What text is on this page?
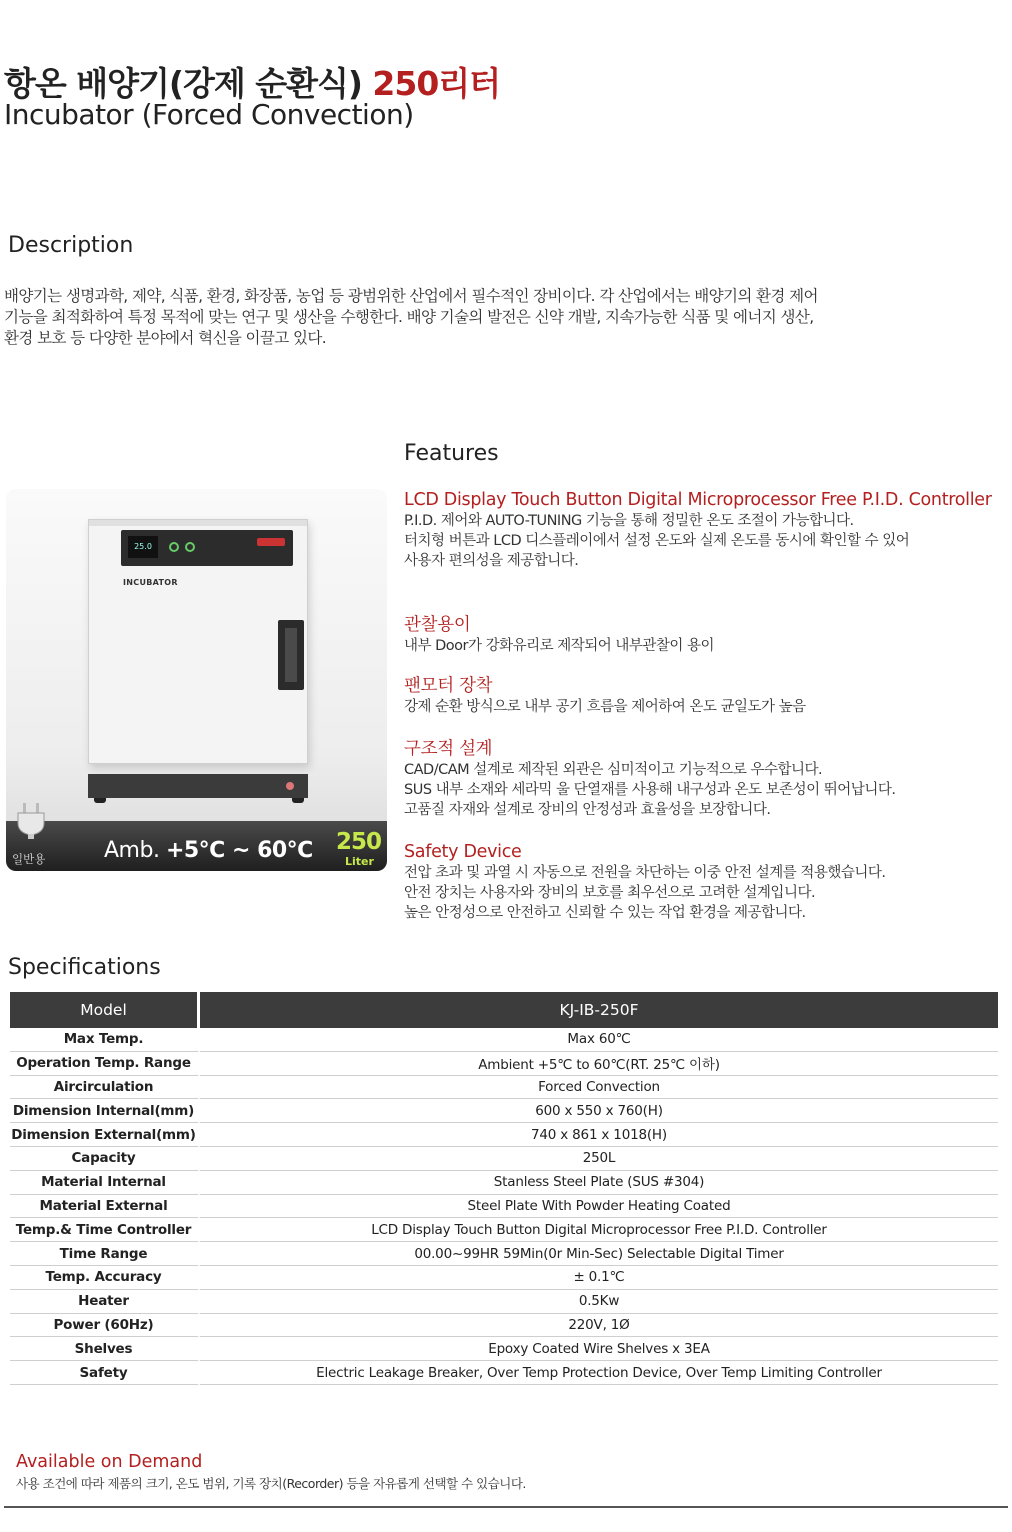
항온 배양기(강제 순환식) 250리터
Incubator (Forced Convection)
Description
배양기는 생명과학, 제약, 식품, 환경, 화장품, 농업 등 광범위한 산업에서 필수적인 장비이다. 각 산업에서는 배양기의 환경 제어
기능을 최적화하여 특정 목적에 맞는 연구 및 생산을 수행한다. 배양 기술의 발전은 신약 개발, 지속가능한 식품 및 에너지 생산,
환경 보호 등 다양한 분야에서 혁신을 이끌고 있다.
25.0
INCUBATOR
일반용	Amb. +5℃ ~ 60℃ 250
Liter
Features
LCD Display Touch Button Digital Microprocessor Free P.I.D. Controller
P.I.D. 제어와 AUTO-TUNING 기능을 통해 정밀한 온도 조절이 가능합니다.
터치형 버튼과 LCD 디스플레이에서 설정 온도와 실제 온도를 동시에 확인할 수 있어
사용자 편의성을 제공합니다.
관찰용이
내부 Door가 강화유리로 제작되어 내부관찰이 용이
팬모터 장착
강제 순환 방식으로 내부 공기 흐름을 제어하여 온도 균일도가 높음
구조적 설계
CAD/CAM 설계로 제작된 외관은 심미적이고 기능적으로 우수합니다.
SUS 내부 소재와 세라믹 울 단열재를 사용해 내구성과 온도 보존성이 뛰어납니다.
고품질 자재와 설계로 장비의 안정성과 효율성을 보장합니다.
Safety Device
전압 초과 및 과열 시 자동으로 전원을 차단하는 이중 안전 설계를 적용했습니다.
안전 장치는 사용자와 장비의 보호를 최우선으로 고려한 설계입니다.
높은 안정성으로 안전하고 신뢰할 수 있는 작업 환경을 제공합니다.
Specifications
Model	KJ-IB-250F
Max Temp.	Max 60℃
Operation Temp. Range	Ambient +5℃ to 60℃(RT. 25℃ 이하)
Aircirculation	Forced Convection
Dimension Internal(mm)	600 x 550 x 760(H)
Dimension External(mm)	740 x 861 x 1018(H)
Capacity	250L
Material Internal	Stanless Steel Plate (SUS #304)
Material External	Steel Plate With Powder Heating Coated
Temp.& Time Controller	LCD Display Touch Button Digital Microprocessor Free P.I.D. Controller
Time Range	00.00~99HR 59Min(0r Min-Sec) Selectable Digital Timer
Temp. Accuracy	± 0.1℃
Heater	0.5Kw
Power (60Hz)	220V, 1Ø
Shelves	Epoxy Coated Wire Shelves x 3EA
Safety	Electric Leakage Breaker, Over Temp Protection Device, Over Temp Limiting Controller
Available on Demand
사용 조건에 따라 제품의 크기, 온도 범위, 기록 장치(Recorder) 등을 자유롭게 선택할 수 있습니다.
